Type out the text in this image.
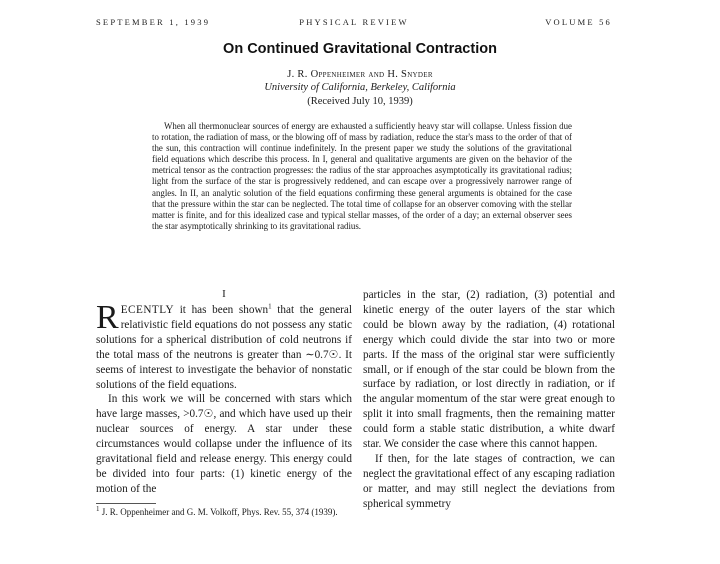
SEPTEMBER 1, 1939	PHYSICAL REVIEW	VOLUME 56
On Continued Gravitational Contraction
J. R. Oppenheimer and H. Snyder
University of California, Berkeley, California
(Received July 10, 1939)

When all thermonuclear sources of energy are exhausted a sufficiently heavy star will collapse. Unless fission due to rotation, the radiation of mass, or the blowing off of mass by radiation, reduce the star's mass to the order of that of the sun, this contraction will continue indefinitely. In the present paper we study the solutions of the gravitational field equations which describe this process. In I, general and qualitative arguments are given on the behavior of the metrical tensor as the contraction progresses: the radius of the star approaches asymptotically its gravitational radius; light from the surface of the star is progressively reddened, and can escape over a progressively narrower range of angles. In II, an analytic solution of the field equations confirming these general arguments is obtained for the case that the pressure within the star can be neglected. The total time of collapse for an observer comoving with the stellar matter is finite, and for this idealized case and typical stellar masses, of the order of a day; an external observer sees the star asymptotically shrinking to its gravitational radius.

I

RECENTLY it has been shown$^1$ that the general relativistic field equations do not possess any static solutions for a spherical distribution of cold neutrons if the total mass of the neutrons is greater than ∼0.7☉. It seems of interest to investigate the behavior of nonstatic solutions of the field equations.

In this work we will be concerned with stars which have large masses, >0.7☉, and which have used up their nuclear sources of energy. A star under these circumstances would collapse under the influence of its gravitational field and release energy. This energy could be divided into four parts: (1) kinetic energy of the motion of the

particles in the star, (2) radiation, (3) potential and kinetic energy of the outer layers of the star which could be blown away by the radiation, (4) rotational energy which could divide the star into two or more parts. If the mass of the original star were sufficiently small, or if enough of the star could be blown from the surface by radiation, or lost directly in radiation, or if the angular momentum of the star were great enough to split it into small fragments, then the remaining matter could form a stable static distribution, a white dwarf star. We consider the case where this cannot happen.

If then, for the late stages of contraction, we can neglect the gravitational effect of any escaping radiation or matter, and may still neglect the deviations from spherical symmetry

$^1$ J. R. Oppenheimer and G. M. Volkoff, Phys. Rev. 55, 374 (1939).
